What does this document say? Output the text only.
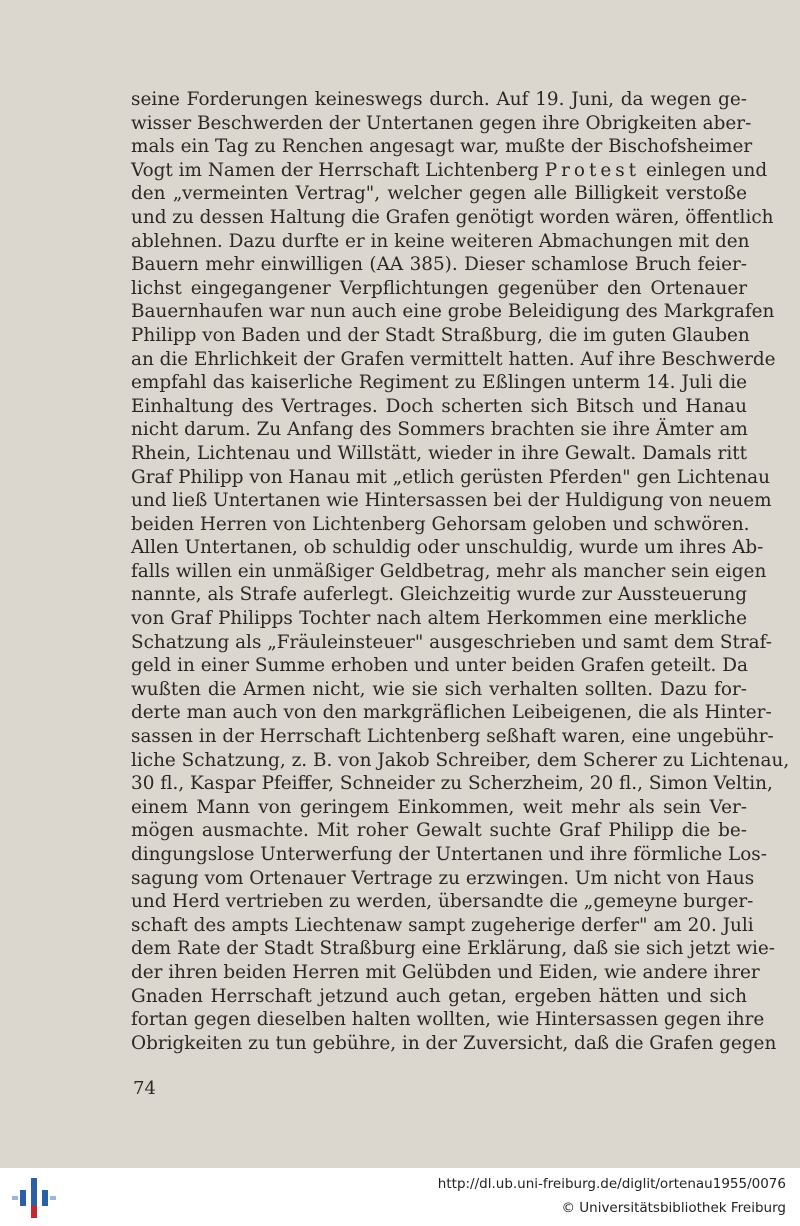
seine Forderungen keineswegs durch. Auf 19. Juni, da wegen ge-
wisser Beschwerden der Untertanen gegen ihre Obrigkeiten aber-
mals ein Tag zu Renchen angesagt war, mußte der Bischofsheimer
Vogt im Namen der Herrschaft Lichtenberg Protest einlegen und
den „vermeinten Vertrag", welcher gegen alle Billigkeit verstoße
und zu dessen Haltung die Grafen genötigt worden wären, öffentlich
ablehnen. Dazu durfte er in keine weiteren Abmachungen mit den
Bauern mehr einwilligen (AA 385). Dieser schamlose Bruch feier-
lichst eingegangener Verpflichtungen gegenüber den Ortenauer
Bauernhaufen war nun auch eine grobe Beleidigung des Markgrafen
Philipp von Baden und der Stadt Straßburg, die im guten Glauben
an die Ehrlichkeit der Grafen vermittelt hatten. Auf ihre Beschwerde
empfahl das kaiserliche Regiment zu Eßlingen unterm 14. Juli die
Einhaltung des Vertrages. Doch scherten sich Bitsch und Hanau
nicht darum. Zu Anfang des Sommers brachten sie ihre Ämter am
Rhein, Lichtenau und Willstätt, wieder in ihre Gewalt. Damals ritt
Graf Philipp von Hanau mit „etlich gerüsten Pferden" gen Lichtenau
und ließ Untertanen wie Hintersassen bei der Huldigung von neuem
beiden Herren von Lichtenberg Gehorsam geloben und schwören.
Allen Untertanen, ob schuldig oder unschuldig, wurde um ihres Ab-
falls willen ein unmäßiger Geldbetrag, mehr als mancher sein eigen
nannte, als Strafe auferlegt. Gleichzeitig wurde zur Aussteuerung
von Graf Philipps Tochter nach altem Herkommen eine merkliche
Schatzung als „Fräuleinsteuer" ausgeschrieben und samt dem Straf-
geld in einer Summe erhoben und unter beiden Grafen geteilt. Da
wußten die Armen nicht, wie sie sich verhalten sollten. Dazu for-
derte man auch von den markgräflichen Leibeigenen, die als Hinter-
sassen in der Herrschaft Lichtenberg seßhaft waren, eine ungebühr-
liche Schatzung, z. B. von Jakob Schreiber, dem Scherer zu Lichtenau,
30 fl., Kaspar Pfeiffer, Schneider zu Scherzheim, 20 fl., Simon Veltin,
einem Mann von geringem Einkommen, weit mehr als sein Ver-
mögen ausmachte. Mit roher Gewalt suchte Graf Philipp die be-
dingungslose Unterwerfung der Untertanen und ihre förmliche Los-
sagung vom Ortenauer Vertrage zu erzwingen. Um nicht von Haus
und Herd vertrieben zu werden, übersandte die „gemeyne burger-
schaft des ampts Liechtenaw sampt zugeherige derfer" am 20. Juli
dem Rate der Stadt Straßburg eine Erklärung, daß sie sich jetzt wie-
der ihren beiden Herren mit Gelübden und Eiden, wie andere ihrer
Gnaden Herrschaft jetzund auch getan, ergeben hätten und sich
fortan gegen dieselben halten wollten, wie Hintersassen gegen ihre
Obrigkeiten zu tun gebühre, in der Zuversicht, daß die Grafen gegen
74
http://dl.ub.uni-freiburg.de/diglit/ortenau1955/0076
© Universitätsbibliothek Freiburg
